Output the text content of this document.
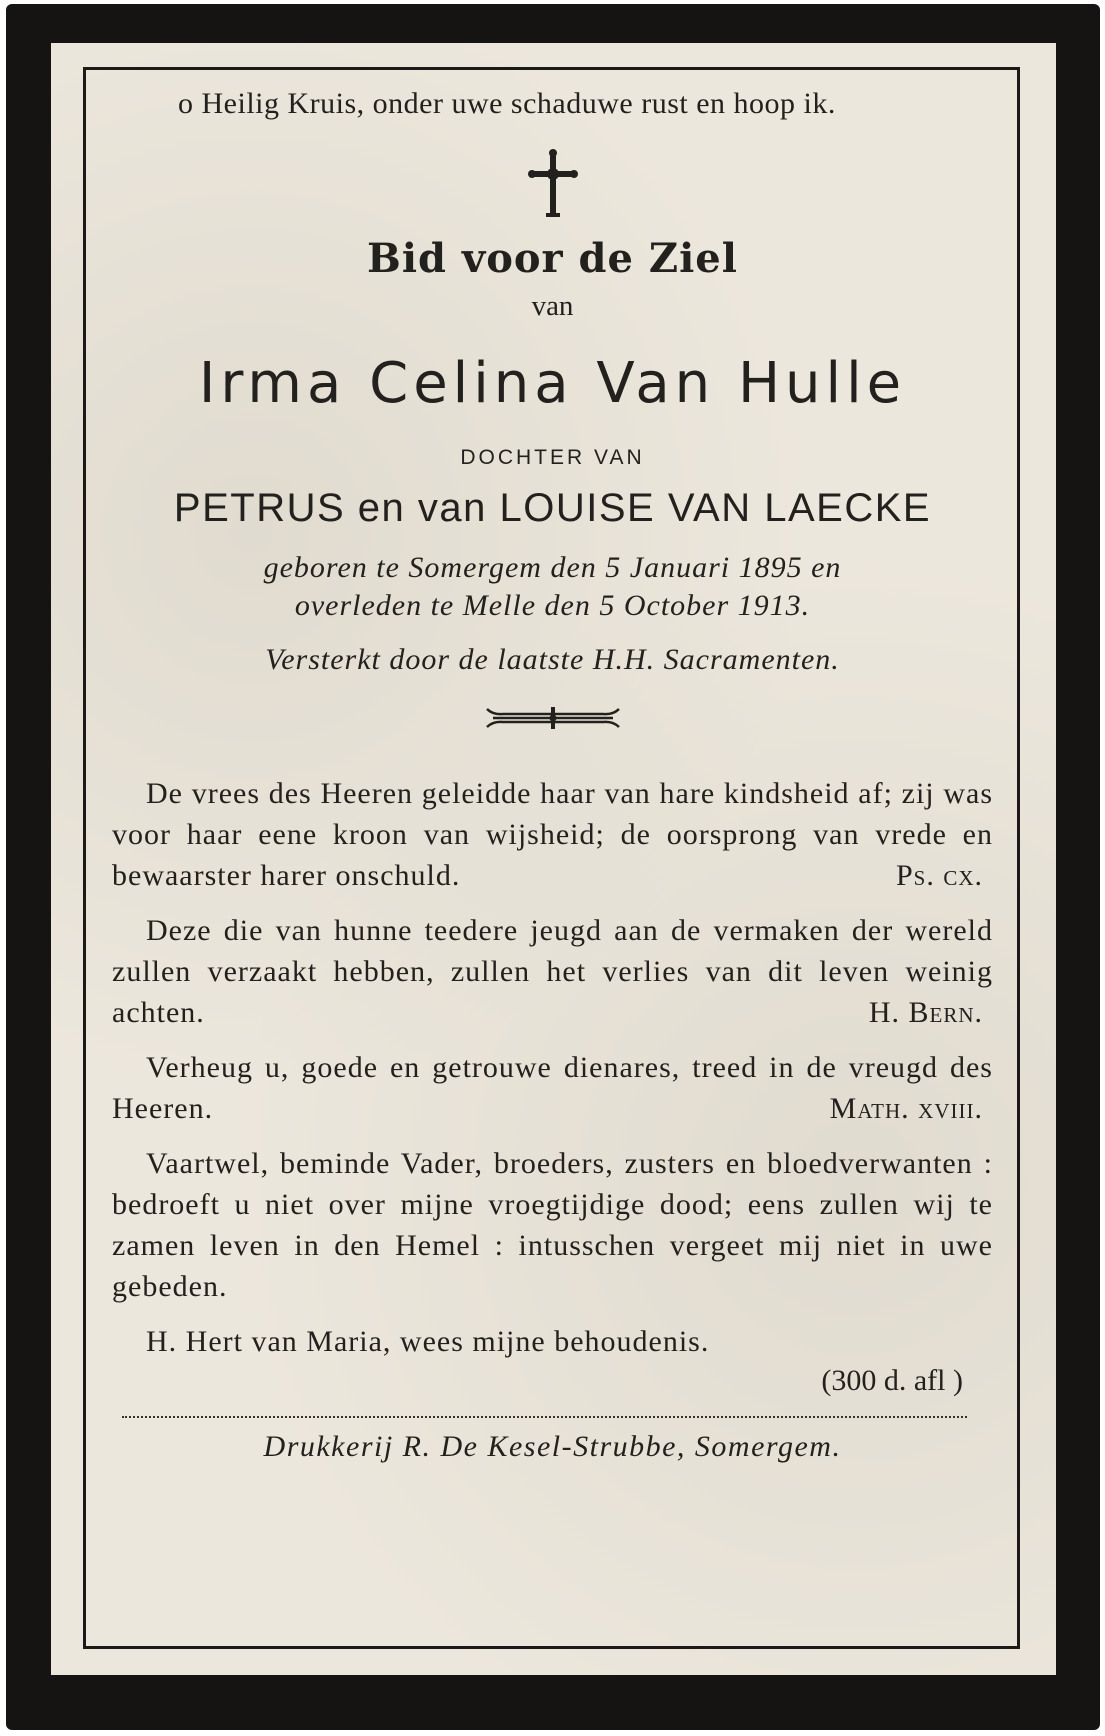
o Heilig Kruis, onder uwe schaduwe rust en hoop ik.

Bid voor de Ziel
van
Irma Celina Van Hulle
DOCHTER VAN
PETRUS en van LOUISE VAN LAECKE
geboren te Somergem den 5 Januari 1895 en
overleden te Melle den 5 October 1913.
Versterkt door de laatste H.H. Sacramenten.

De vrees des Heeren geleidde haar van hare kindsheid af; zij was voor haar eene kroon van wijsheid; de oorsprong van vrede en bewaarster harer onschuld.	Ps. cx.

Deze die van hunne teedere jeugd aan de vermaken der wereld zullen verzaakt hebben, zullen het verlies van dit leven weinig achten.	H. Bern.

Verheug u, goede en getrouwe dienares, treed in de vreugd des Heeren.	Math. xviii.

Vaartwel, beminde Vader, broeders, zusters en bloedverwanten : bedroeft u niet over mijne vroegtijdige dood; eens zullen wij te zamen leven in den Hemel : intusschen vergeet mij niet in uwe gebeden.

H. Hert van Maria, wees mijne behoudenis.

(300 d. afl )
Drukkerij R. De Kesel-Strubbe, Somergem.
